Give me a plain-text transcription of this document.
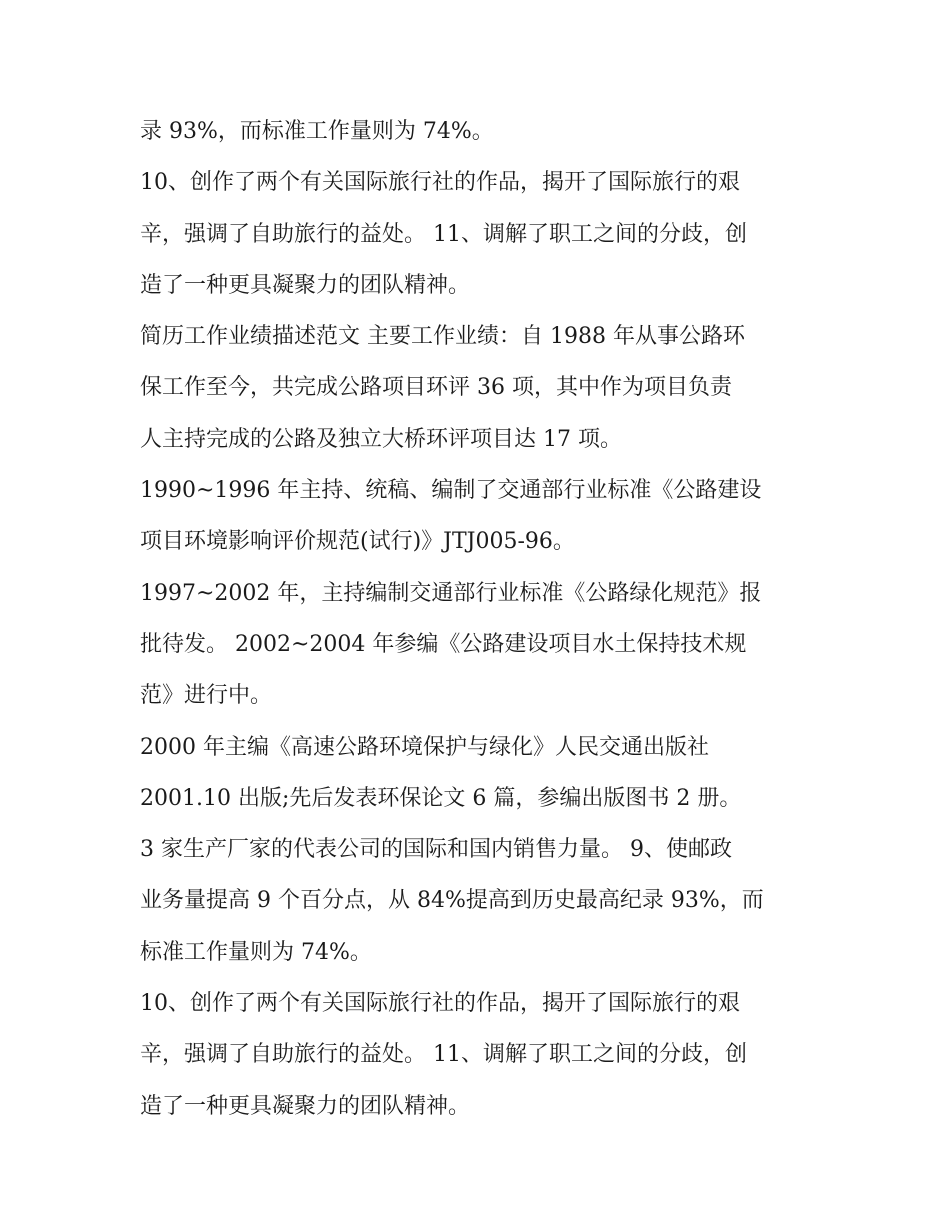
录 93%，而标准工作量则为 74%。
10、创作了两个有关国际旅行社的作品，揭开了国际旅行的艰
辛，强调了自助旅行的益处。 11、调解了职工之间的分歧，创
造了一种更具凝聚力的团队精神。
简历工作业绩描述范文 主要工作业绩：自 1988 年从事公路环
保工作至今，共完成公路项目环评 36 项，其中作为项目负责
人主持完成的公路及独立大桥环评项目达 17 项。
1990~1996 年主持、统稿、编制了交通部行业标准《公路建设
项目环境影响评价规范(试行)》JTJ005-96。
1997~2002 年，主持编制交通部行业标准《公路绿化规范》报
批待发。 2002~2004 年参编《公路建设项目水土保持技术规
范》进行中。
2000 年主编《高速公路环境保护与绿化》人民交通出版社
2001.10 出版;先后发表环保论文 6 篇，参编出版图书 2 册。
3 家生产厂家的代表公司的国际和国内销售力量。 9、使邮政
业务量提高 9 个百分点，从 84%提高到历史最高纪录 93%，而
标准工作量则为 74%。
10、创作了两个有关国际旅行社的作品，揭开了国际旅行的艰
辛，强调了自助旅行的益处。 11、调解了职工之间的分歧，创
造了一种更具凝聚力的团队精神。
